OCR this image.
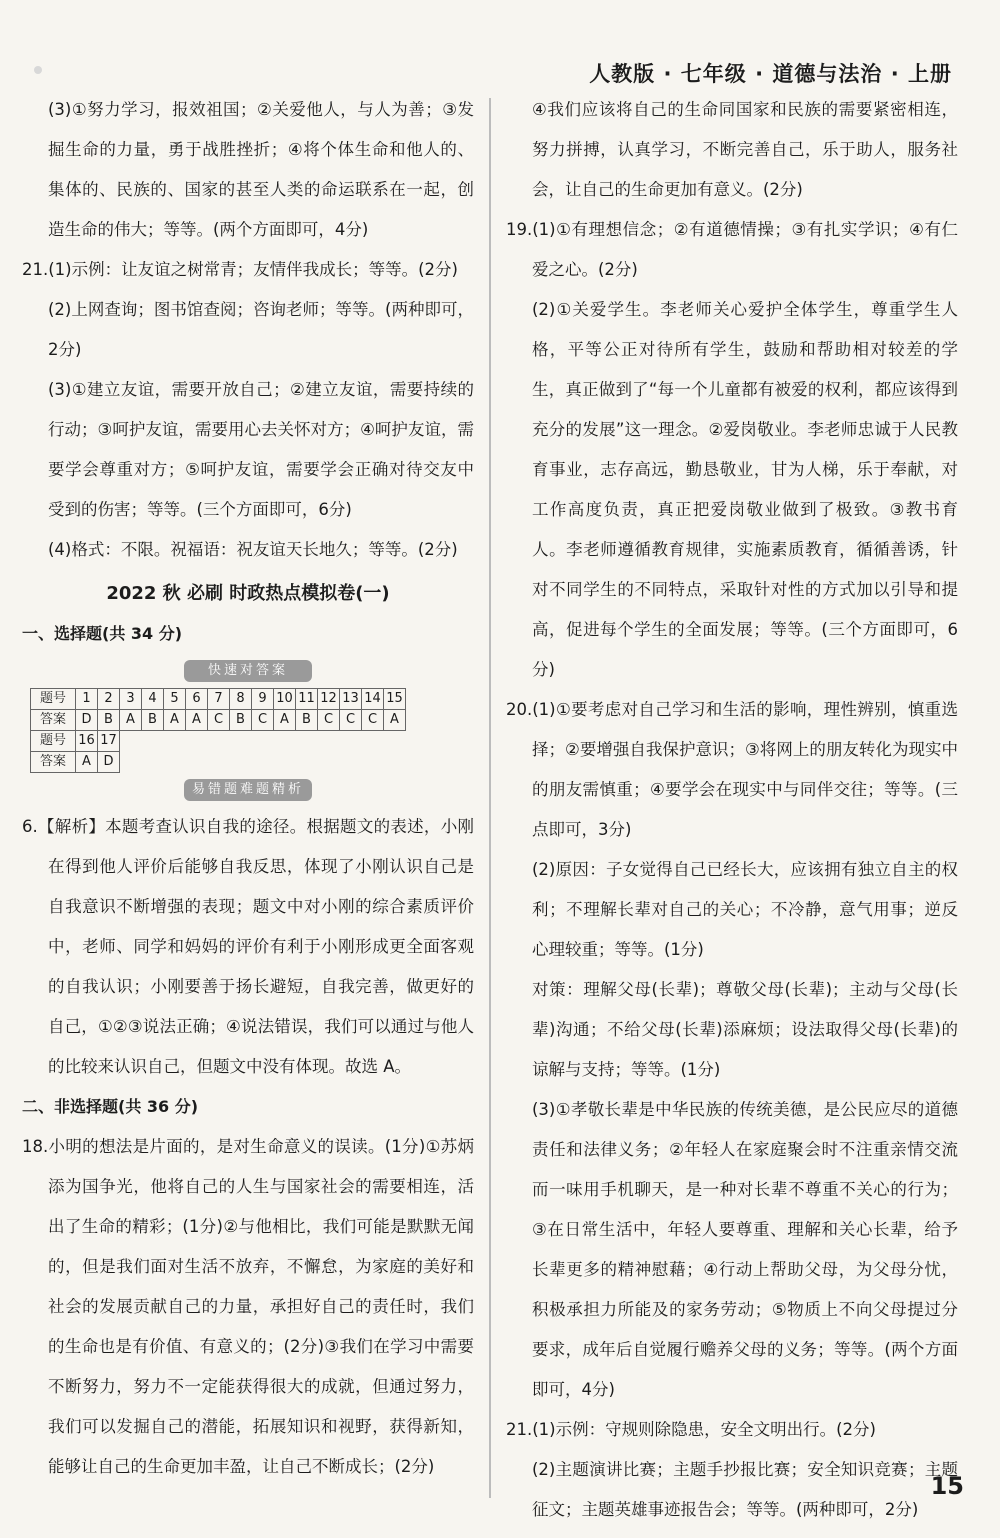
人教版 · 七年级 · 道德与法治 · 上册

(3)①努力学习，报效祖国；②关爱他人，与人为善；③发掘生命的力量，勇于战胜挫折；④将个体生命和他人的、集体的、民族的、国家的甚至人类的命运联系在一起，创造生命的伟大；等等。(两个方面即可，4分)

21.(1)示例：让友谊之树常青；友情伴我成长；等等。(2分)

(2)上网查询；图书馆查阅；咨询老师；等等。(两种即可，2分)

(3)①建立友谊，需要开放自己；②建立友谊，需要持续的行动；③呵护友谊，需要用心去关怀对方；④呵护友谊，需要学会尊重对方；⑤呵护友谊，需要学会正确对待交友中受到的伤害；等等。(三个方面即可，6分)

(4)格式：不限。祝福语：祝友谊天长地久；等等。(2分)

2022 秋 必刷 时政热点模拟卷(一)

一、选择题(共 34 分)

快速对答案
题号	1	2	3	4	5	6	7	8	9	10	11	12	13	14	15
答案	D	B	A	B	A	A	C	B	C	A	B	C	C	C	A
题号	16	17													
答案	A	D													
易错题难题精析

6.【解析】本题考查认识自我的途径。根据题文的表述，小刚在得到他人评价后能够自我反思，体现了小刚认识自己是自我意识不断增强的表现；题文中对小刚的综合素质评价中，老师、同学和妈妈的评价有利于小刚形成更全面客观的自我认识；小刚要善于扬长避短，自我完善，做更好的自己，①②③说法正确；④说法错误，我们可以通过与他人的比较来认识自己，但题文中没有体现。故选 A。

二、非选择题(共 36 分)

18.小明的想法是片面的，是对生命意义的误读。(1分)①苏炳添为国争光，他将自己的人生与国家社会的需要相连，活出了生命的精彩；(1分)②与他相比，我们可能是默默无闻的，但是我们面对生活不放弃，不懈怠，为家庭的美好和社会的发展贡献自己的力量，承担好自己的责任时，我们的生命也是有价值、有意义的；(2分)③我们在学习中需要不断努力，努力不一定能获得很大的成就，但通过努力，我们可以发掘自己的潜能，拓展知识和视野，获得新知，能够让自己的生命更加丰盈，让自己不断成长；(2分)

④我们应该将自己的生命同国家和民族的需要紧密相连，努力拼搏，认真学习，不断完善自己，乐于助人，服务社会，让自己的生命更加有意义。(2分)

19.(1)①有理想信念；②有道德情操；③有扎实学识；④有仁爱之心。(2分)

(2)①关爱学生。李老师关心爱护全体学生，尊重学生人格，平等公正对待所有学生，鼓励和帮助相对较差的学生，真正做到了“每一个儿童都有被爱的权利，都应该得到充分的发展”这一理念。②爱岗敬业。李老师忠诚于人民教育事业，志存高远，勤恳敬业，甘为人梯，乐于奉献，对工作高度负责，真正把爱岗敬业做到了极致。③教书育人。李老师遵循教育规律，实施素质教育，循循善诱，针对不同学生的不同特点，采取针对性的方式加以引导和提高，促进每个学生的全面发展；等等。(三个方面即可，6分)

20.(1)①要考虑对自己学习和生活的影响，理性辨别，慎重选择；②要增强自我保护意识；③将网上的朋友转化为现实中的朋友需慎重；④要学会在现实中与同伴交往；等等。(三点即可，3分)

(2)原因：子女觉得自己已经长大，应该拥有独立自主的权利；不理解长辈对自己的关心；不冷静，意气用事；逆反心理较重；等等。(1分)

对策：理解父母(长辈)；尊敬父母(长辈)；主动与父母(长辈)沟通；不给父母(长辈)添麻烦；设法取得父母(长辈)的谅解与支持；等等。(1分)

(3)①孝敬长辈是中华民族的传统美德，是公民应尽的道德责任和法律义务；②年轻人在家庭聚会时不注重亲情交流而一味用手机聊天，是一种对长辈不尊重不关心的行为；③在日常生活中，年轻人要尊重、理解和关心长辈，给予长辈更多的精神慰藉；④行动上帮助父母，为父母分忧，积极承担力所能及的家务劳动；⑤物质上不向父母提过分要求，成年后自觉履行赡养父母的义务；等等。(两个方面即可，4分)

21.(1)示例：守规则除隐患，安全文明出行。(2分)

(2)主题演讲比赛；主题手抄报比赛；安全知识竞赛；主题征文；主题英雄事迹报告会；等等。(两种即可，2分)

15
